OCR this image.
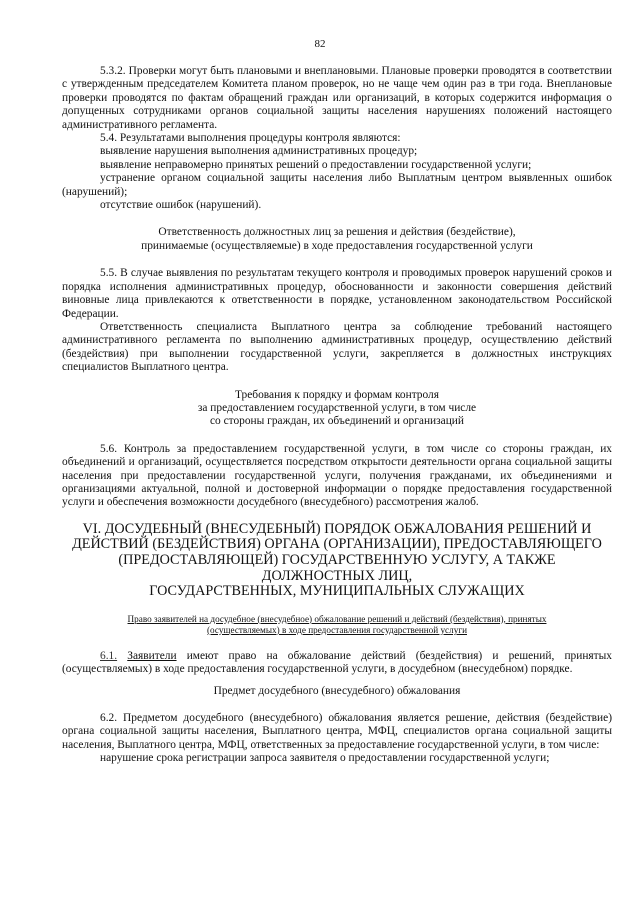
82

5.3.2. Проверки могут быть плановыми и внеплановыми. Плановые проверки проводятся в соответствии с утвержденным председателем Комитета планом проверок, но не чаще чем один раз в три года. Внеплановые проверки проводятся по фактам обращений граждан или организаций, в которых содержится информация о допущенных сотрудниками органов социальной защиты населения нарушениях положений настоящего административного регламента.

5.4. Результатами выполнения процедуры контроля являются:

выявление нарушения выполнения административных процедур;

выявление неправомерно принятых решений о предоставлении государственной услуги;

устранение органом социальной защиты населения либо Выплатным центром выявленных ошибок (нарушений);

отсутствие ошибок (нарушений).

Ответственность должностных лиц за решения и действия (бездействие),

принимаемые (осуществляемые) в ходе предоставления государственной услуги

5.5. В случае выявления по результатам текущего контроля и проводимых проверок нарушений сроков и порядка исполнения административных процедур, обоснованности и законности совершения действий виновные лица привлекаются к ответственности в порядке, установленном законодательством Российской Федерации.

Ответственность специалиста Выплатного центра за соблюдение требований настоящего административного регламента по выполнению административных процедур, осуществлению действий (бездействия) при выполнении государственной услуги, закрепляется в должностных инструкциях специалистов Выплатного центра.

Требования к порядку и формам контроля

за предоставлением государственной услуги, в том числе

со стороны граждан, их объединений и организаций

5.6. Контроль за предоставлением государственной услуги, в том числе со стороны граждан, их объединений и организаций, осуществляется посредством открытости деятельности органа социальной защиты населения при предоставлении государственной услуги, получения гражданами, их объединениями и организациями актуальной, полной и достоверной информации о порядке предоставления государственной услуги и обеспечения возможности досудебного (внесудебного) рассмотрения жалоб.

VI. ДОСУДЕБНЫЙ (ВНЕСУДЕБНЫЙ) ПОРЯДОК ОБЖАЛОВАНИЯ РЕШЕНИЙ И

ДЕЙСТВИЙ (БЕЗДЕЙСТВИЯ) ОРГАНА (ОРГАНИЗАЦИИ), ПРЕДОСТАВЛЯЮЩЕГО

(ПРЕДОСТАВЛЯЮЩЕЙ) ГОСУДАРСТВЕННУЮ УСЛУГУ, А ТАКЖЕ ДОЛЖНОСТНЫХ ЛИЦ,

ГОСУДАРСТВЕННЫХ, МУНИЦИПАЛЬНЫХ СЛУЖАЩИХ

Право заявителей на досудебное (внесудебное) обжалование решений и действий (бездействия), принятых

(осуществляемых) в ходе предоставления государственной услуги

6.1. Заявители имеют право на обжалование действий (бездействия) и решений, принятых (осуществляемых) в ходе предоставления государственной услуги, в досудебном (внесудебном) порядке.

Предмет досудебного (внесудебного) обжалования

6.2. Предметом досудебного (внесудебного) обжалования является решение, действия (бездействие) органа социальной защиты населения, Выплатного центра, МФЦ, специалистов органа социальной защиты населения, Выплатного центра, МФЦ, ответственных за предоставление государственной услуги, в том числе:

нарушение срока регистрации запроса заявителя о предоставлении государственной услуги;
